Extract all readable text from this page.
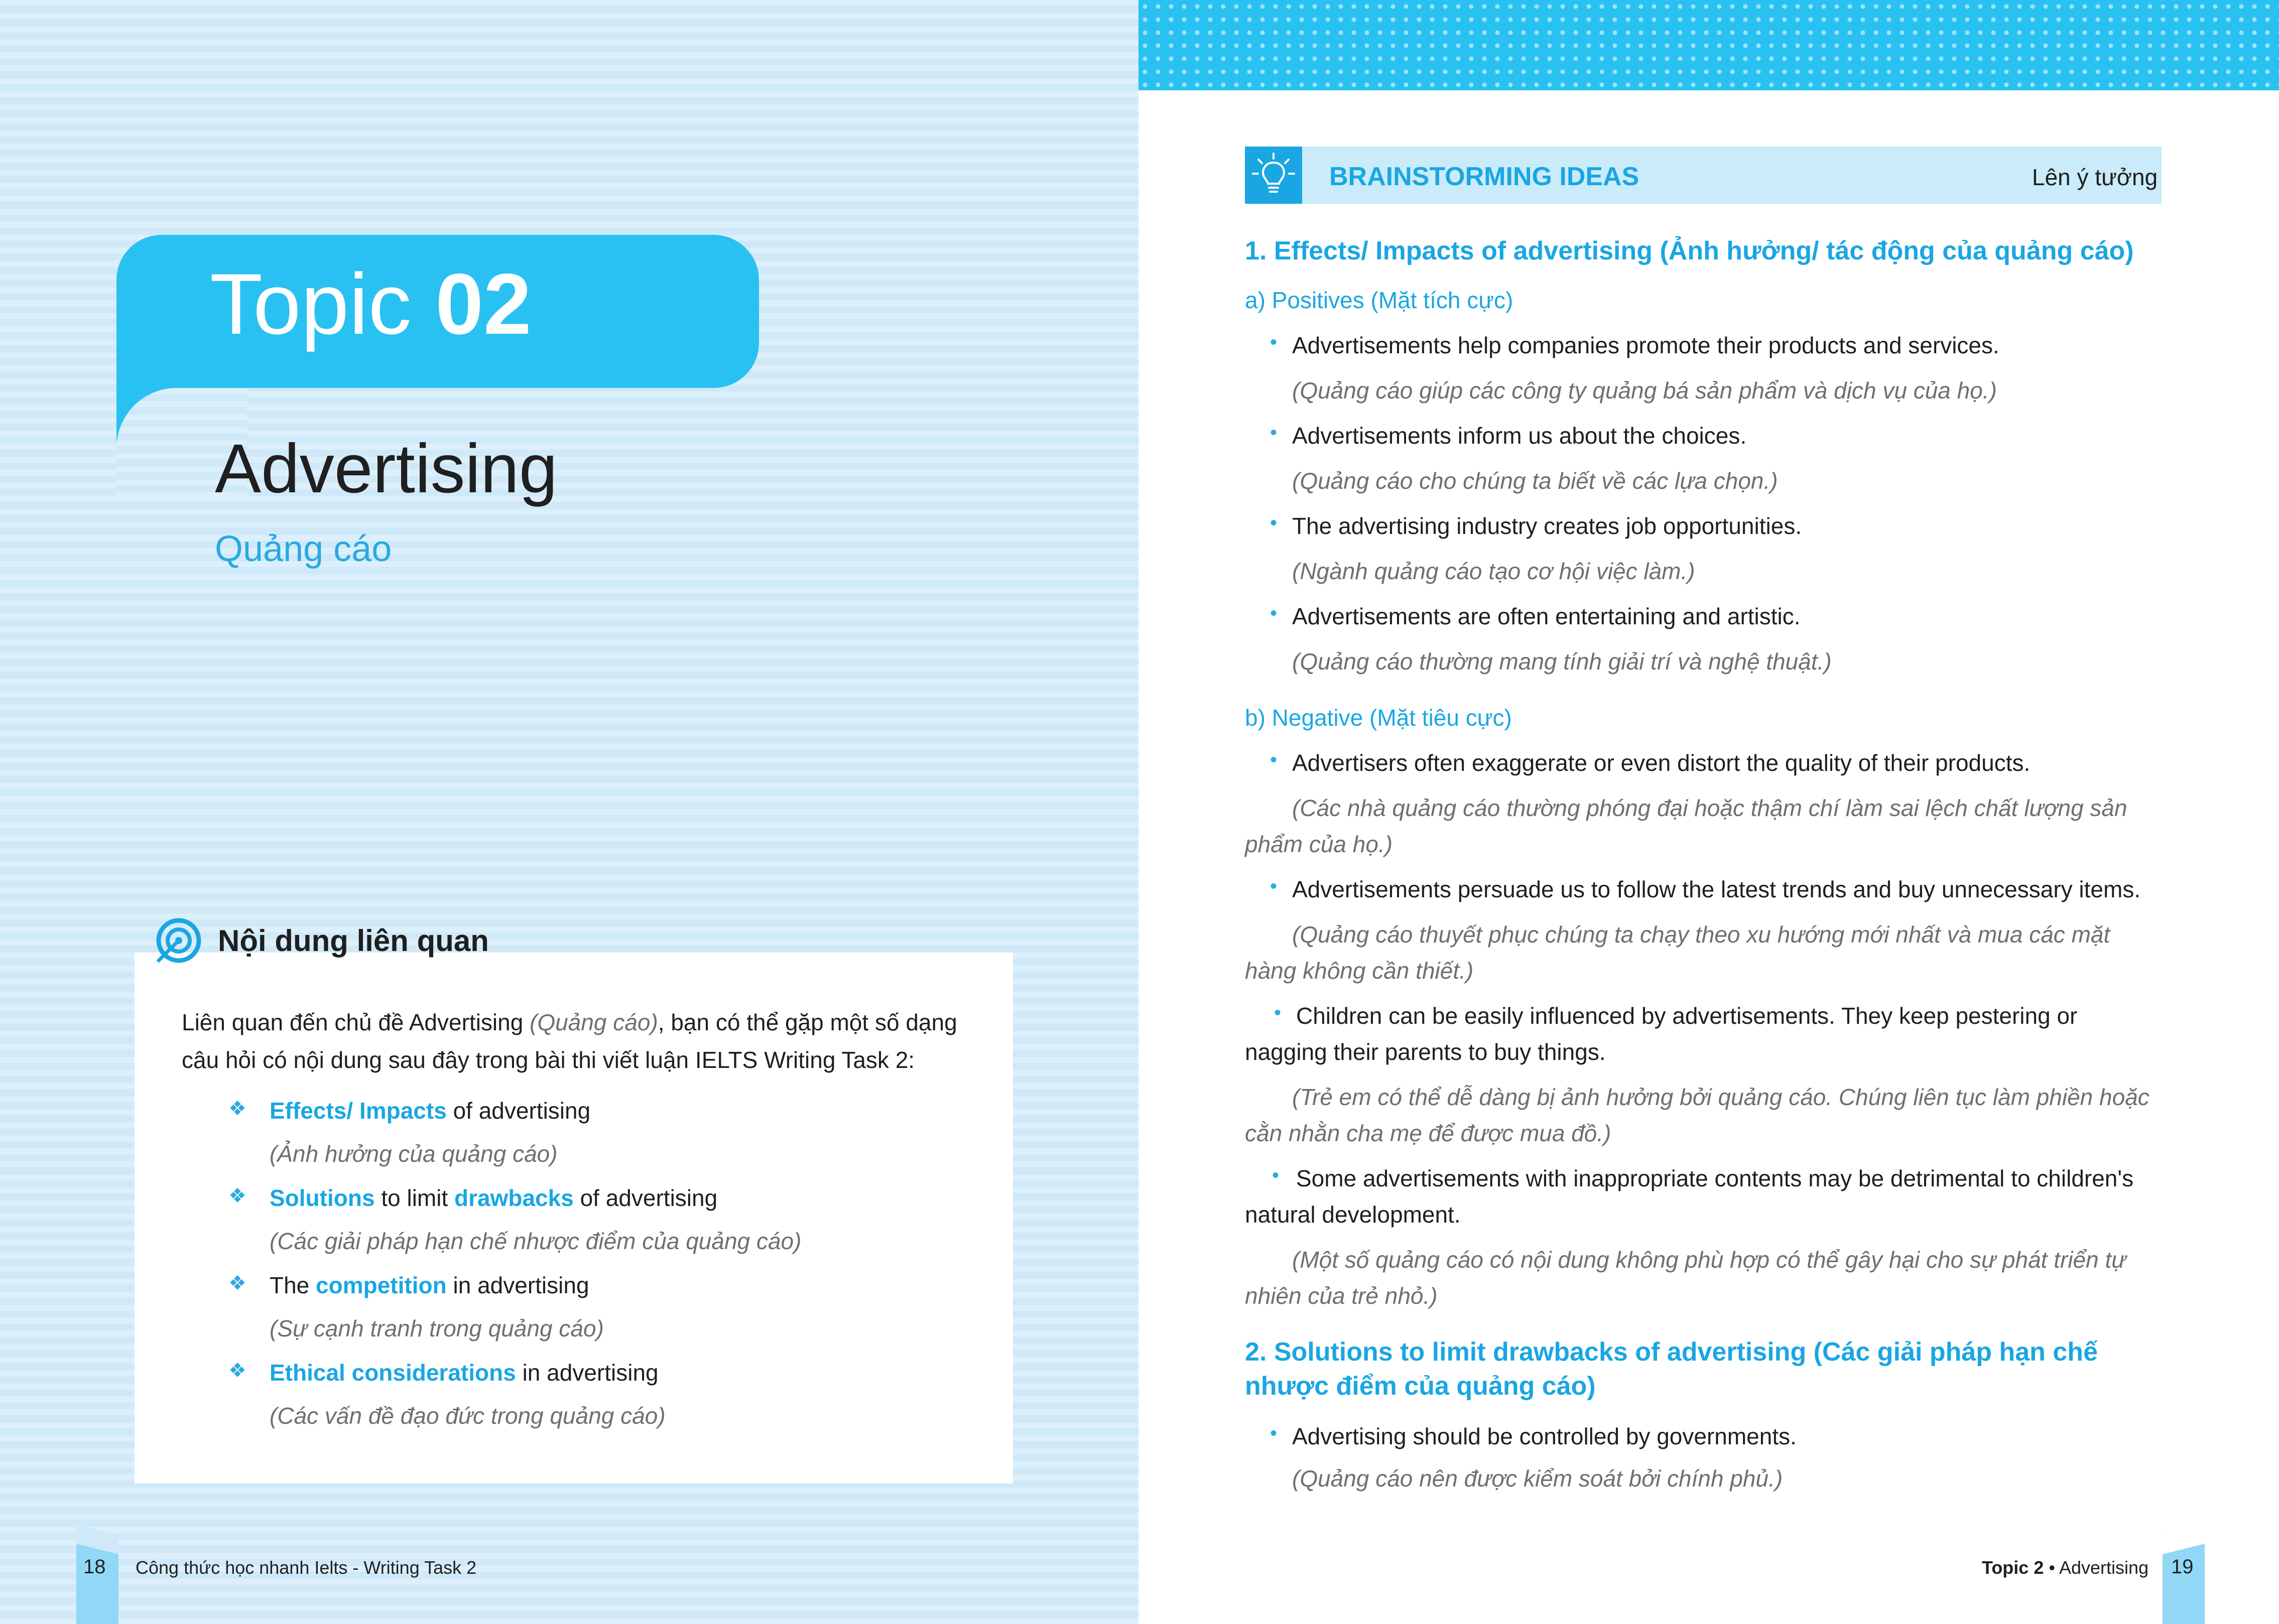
Topic 02
Advertising
Quảng cáo
Nội dung liên quan
Liên quan đến chủ đề Advertising (Quảng cáo), bạn có thể gặp một số dạng câu hỏi có nội dung sau đây trong bài thi viết luận IELTS Writing Task 2:
❖ Effects/ Impacts of advertising
(Ảnh hưởng của quảng cáo)
❖ Solutions to limit drawbacks of advertising
(Các giải pháp hạn chế nhược điểm của quảng cáo)
❖ The competition in advertising
(Sự cạnh tranh trong quảng cáo)
❖ Ethical considerations in advertising
(Các vấn đề đạo đức trong quảng cáo)
18 Công thức học nhanh Ielts - Writing Task 2
BRAINSTORMING IDEAS	Lên ý tưởng
1. Effects/ Impacts of advertising (Ảnh hưởng/ tác động của quảng cáo)
a) Positives (Mặt tích cực)
• Advertisements help companies promote their products and services.
(Quảng cáo giúp các công ty quảng bá sản phẩm và dịch vụ của họ.)
• Advertisements inform us about the choices.
(Quảng cáo cho chúng ta biết về các lựa chọn.)
• The advertising industry creates job opportunities.
(Ngành quảng cáo tạo cơ hội việc làm.)
• Advertisements are often entertaining and artistic.
(Quảng cáo thường mang tính giải trí và nghệ thuật.)
b) Negative (Mặt tiêu cực)
• Advertisers often exaggerate or even distort the quality of their products.
(Các nhà quảng cáo thường phóng đại hoặc thậm chí làm sai lệch chất lượng sản phẩm của họ.)
• Advertisements persuade us to follow the latest trends and buy unnecessary items.
(Quảng cáo thuyết phục chúng ta chạy theo xu hướng mới nhất và mua các mặt hàng không cần thiết.)
• Children can be easily influenced by advertisements. They keep pestering or nagging their parents to buy things.
(Trẻ em có thể dễ dàng bị ảnh hưởng bởi quảng cáo. Chúng liên tục làm phiền hoặc cằn nhằn cha mẹ để được mua đồ.)
• Some advertisements with inappropriate contents may be detrimental to children's natural development.
(Một số quảng cáo có nội dung không phù hợp có thể gây hại cho sự phát triển tự nhiên của trẻ nhỏ.)
2. Solutions to limit drawbacks of advertising (Các giải pháp hạn chế nhược điểm của quảng cáo)
• Advertising should be controlled by governments.
(Quảng cáo nên được kiểm soát bởi chính phủ.)
19
Topic 2 • Advertising
